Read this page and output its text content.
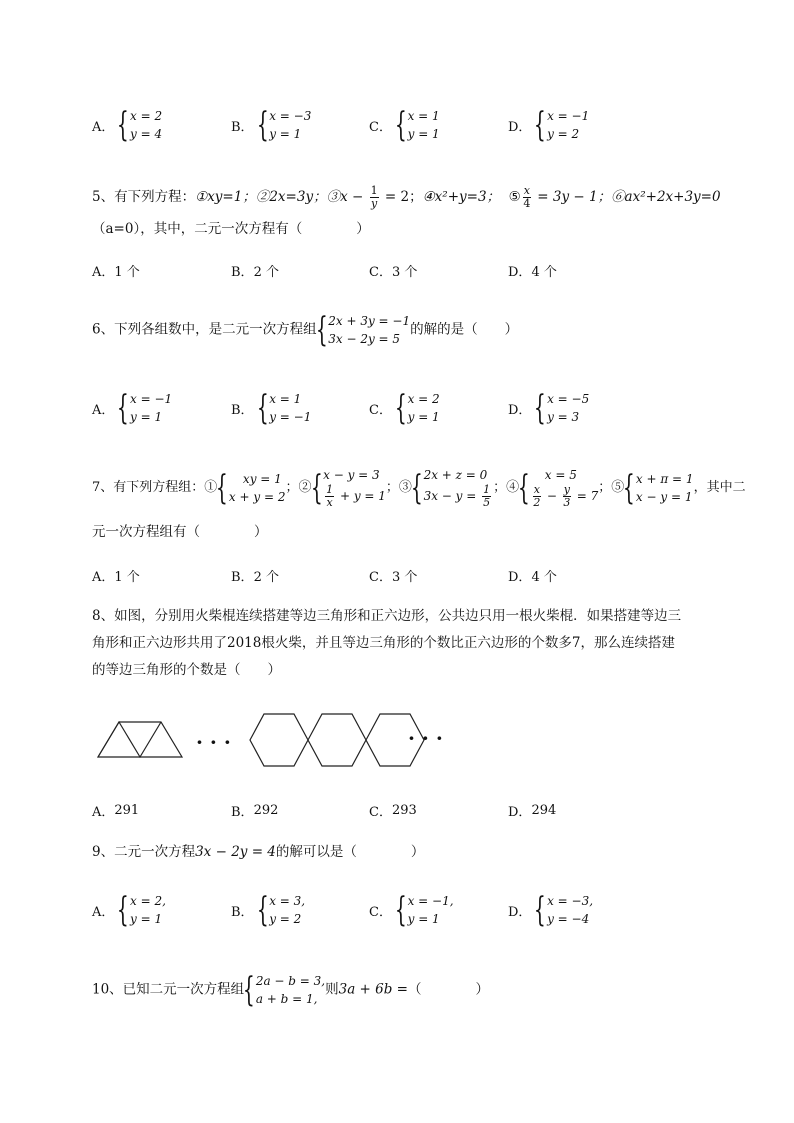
A． { x = 2
y = 4	B． { x = −3
y = 1	C． { x = 1
y = 1	D． { x = −1
y = 2
5、有下列方程：①xy=1；②2x=3y；③x − $\frac{1}{y} = 2$；④x²+y=3； ⑤ $\frac{x}{4} = 3y - 1$；⑥ax²+2x+3y=0
（a=0），其中，二元一次方程有（　　　　）
A． 1 个	B． 2 个	C． 3 个	D． 4 个
6、下列各组数中，是二元一次方程组
{ 2x + 3y = −1
3x − 2y = 5
的解的是（　　）
A． { x = −1
y = 1	B． { x = 1
y = −1	C． { x = 2
y = 1	D． { x = −5
y = 3
7、有下列方程组：①
{	xy = 1
x + y = 2
；②
{ x − y = 3
$\frac{1}{x} + y = 1$
；③
{ 2x + z = 0
$3x - y = \frac{1}{5}$ ；④
{	x = 5
$\frac{x}{2} - \frac{y}{3} = 7$
；⑤
{ x + π = 1
x − y = 1
，其中二
元一次方程组有（　　　　）
A． 1 个	B． 2 个	C． 3 个	D． 4 个
8、如图，分别用火柴棍连续搭建等边三角形和正六边形，公共边只用一根火柴棍．如果搭建等边三
角形和正六边形共用了2018根火柴，并且等边三角形的个数比正六边形的个数多7，那么连续搭建
的等边三角形的个数是（　　）
· · ·	· · ·
A． 291	B． 292	C． 293	D． 294
9、二元一次方程3x − 2y = 4的解可以是（　　　　）
A． { x = 2,
y = 1	B． { x = 3,
y = 2	C． { x = −1,
y = 1	D． { x = −3,
y = −4
10、已知二元一次方程组
{ 2a − b = 3,
a + b = 1,
则3a + 6b =（　　　　）
